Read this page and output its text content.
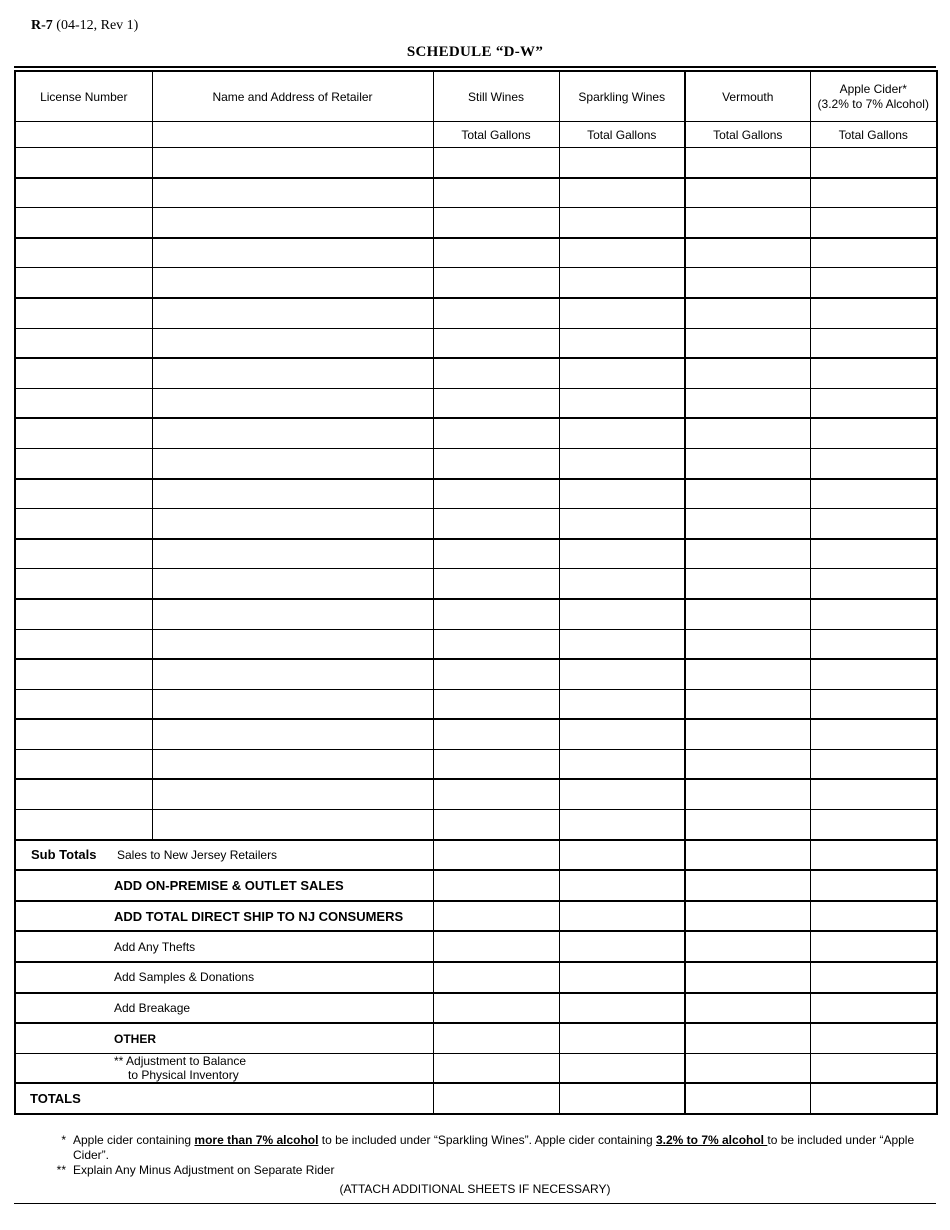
R-7 (04-12, Rev 1)
SCHEDULE “D-W”
License Number	Name and Address of Retailer	Still Wines	Sparkling Wines	Vermouth	Apple Cider*
(3.2% to 7% Alcohol)
		Total Gallons	Total Gallons	Total Gallons	Total Gallons

Sub Totals Sales to New Jersey Retailers					
ADD ON-PREMISE & OUTLET SALES					
ADD TOTAL DIRECT SHIP TO NJ CONSUMERS					
Add Any Thefts					
Add Samples & Donations					
Add Breakage					
OTHER					
** Adjustment to Balance
to Physical Inventory					
TOTALS					
* Apple cider containing more than 7% alcohol to be included under “Sparkling Wines”. Apple cider containing 3.2% to 7% alcohol to be included under “Apple Cider”.
** Explain Any Minus Adjustment on Separate Rider
(ATTACH ADDITIONAL SHEETS IF NECESSARY)
